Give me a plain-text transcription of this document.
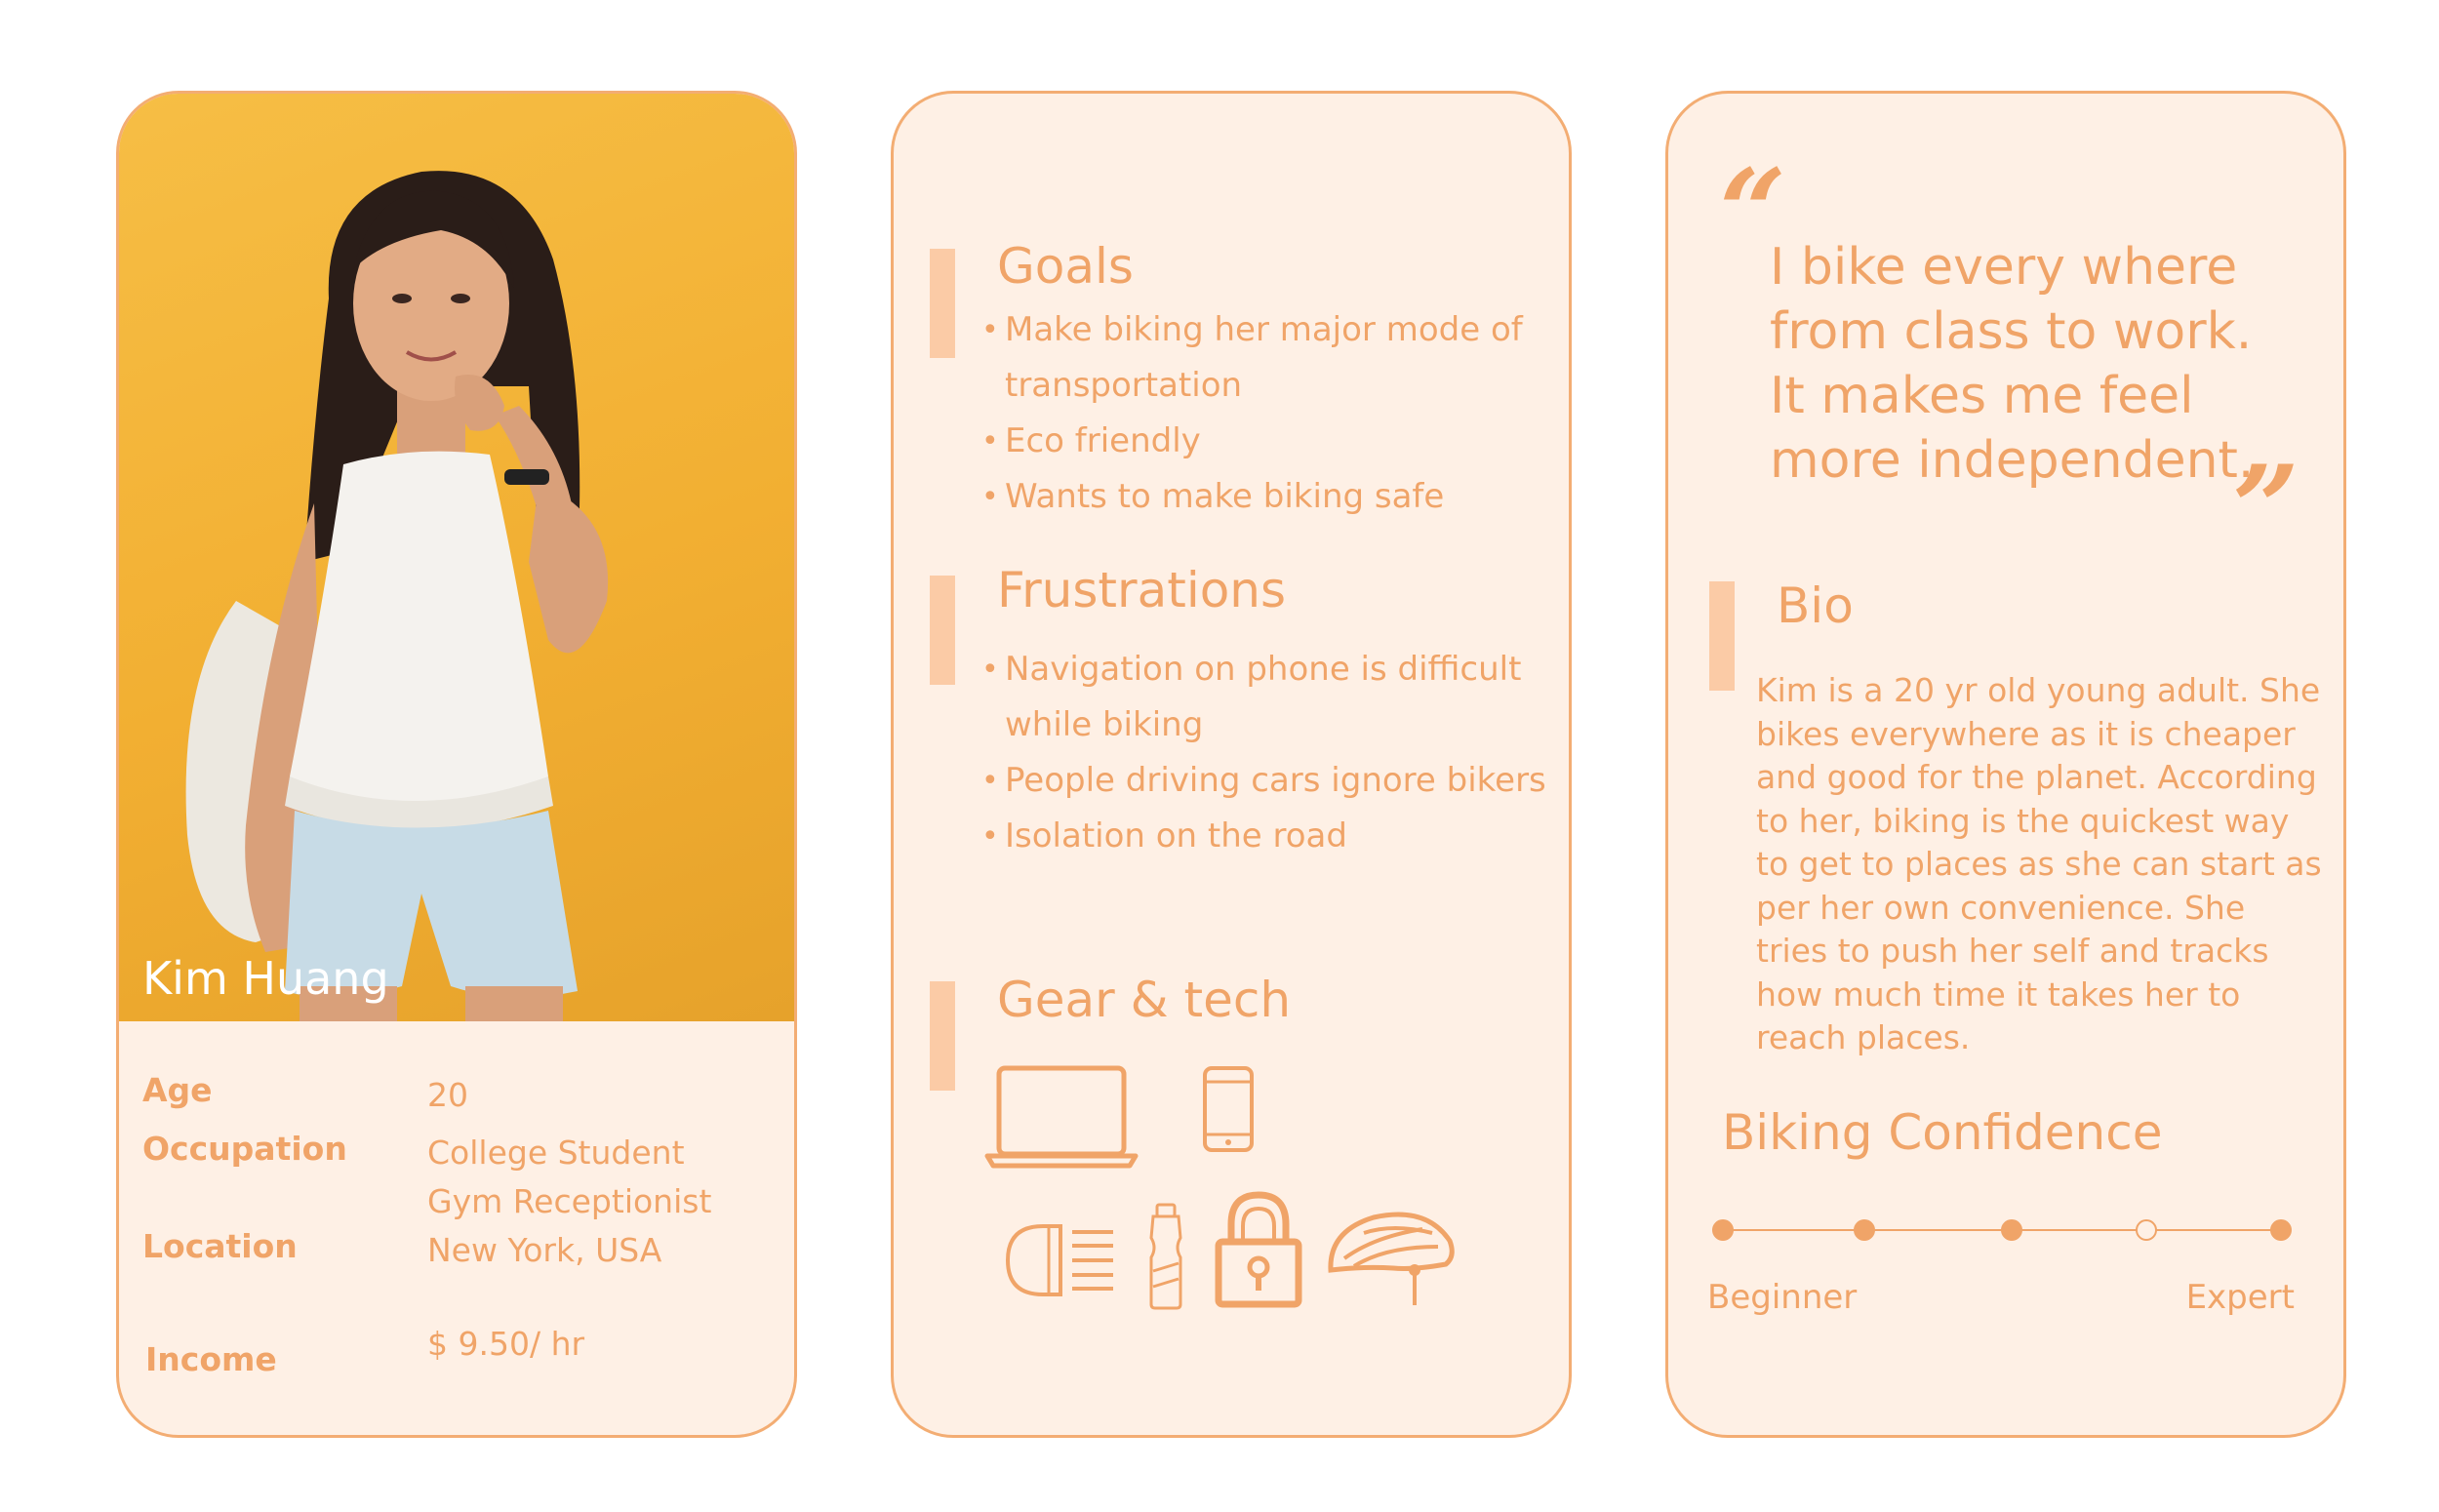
Kim Huang
Age	20
Occupation College Student
Gym Receptionist
Location	New York, USA
Income	$ 9.50/ hr
Goals
• Make biking her major mode of
transportation
• Eco friendly
• Wants to make biking safe
Frustrations
• Navigation on phone is difficult
while biking
• People driving cars ignore bikers
• Isolation on the road
Gear & tech
“
I bike every where
from class to work.
It makes me feel
more independent.
”
Bio
Kim is a 20 yr old young adult. She bikes everywhere as it is cheaper and good for the planet. According to her, biking is the quickest way to get to places as she can start as per her own convenience. She tries to push her self and tracks how much time it takes her to reach places.
Biking Confidence
Beginner	Expert
